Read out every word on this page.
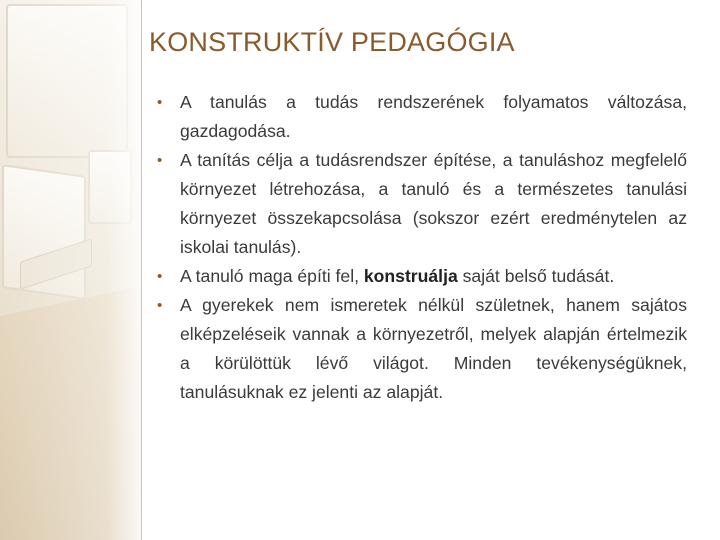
KONSTRUKTÍV PEDAGÓGIA
• A tanulás a tudás rendszerének folyamatos változása, gazdagodása.
• A tanítás célja a tudásrendszer építése, a tanuláshoz megfelelő környezet létrehozása, a tanuló és a természetes tanulási környezet összekapcsolása (sokszor ezért eredménytelen az iskolai tanulás).
• A tanuló maga építi fel, konstruálja saját belső tudását.
• A gyerekek nem ismeretek nélkül születnek, hanem sajátos elképzeléseik vannak a környezetről, melyek alapján értelmezik a körülöttük lévő világot. Minden tevékenységüknek, tanulásuknak ez jelenti az alapját.
